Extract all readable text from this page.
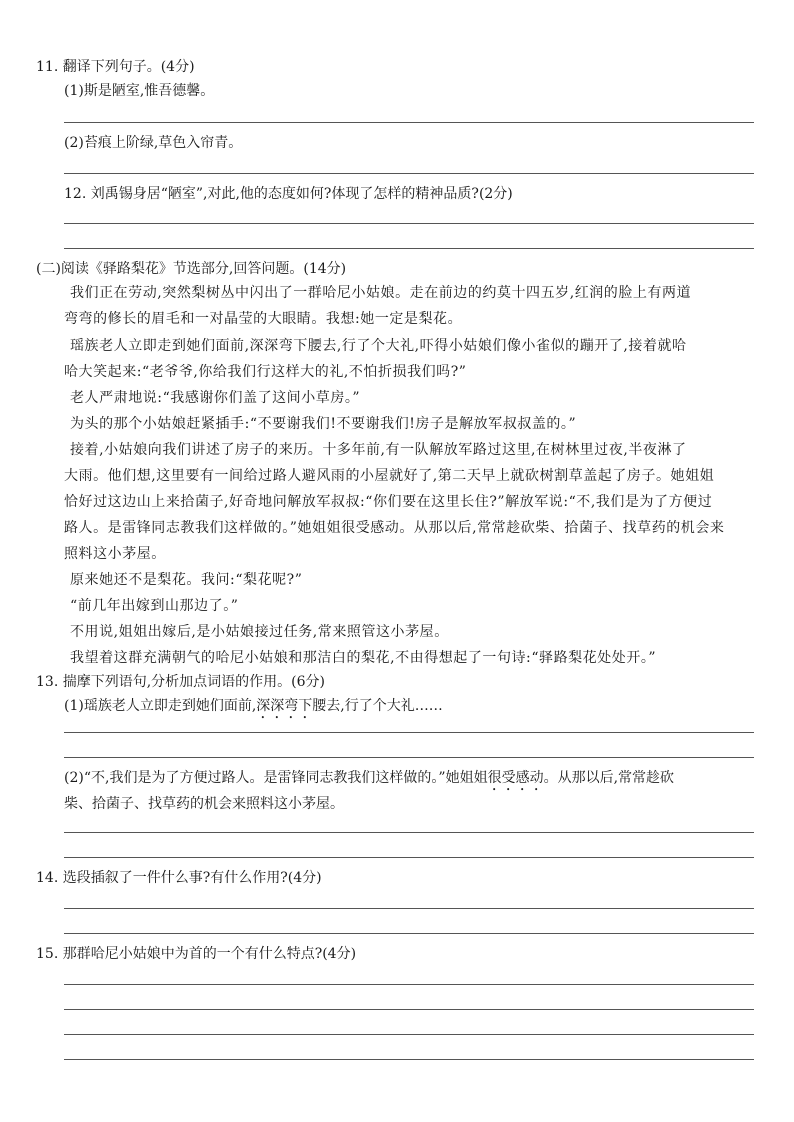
11. 翻译下列句子。(4分)
(1)斯是陋室,惟吾德馨。
(2)苔痕上阶绿,草色入帘青。
12. 刘禹锡身居“陋室”,对此,他的态度如何?体现了怎样的精神品质?(2分)
(二)阅读《驿路梨花》节选部分,回答问题。(14分)
我们正在劳动,突然梨树丛中闪出了一群哈尼小姑娘。走在前边的约莫十四五岁,红润的脸上有两道
弯弯的修长的眉毛和一对晶莹的大眼睛。我想:她一定是梨花。
瑶族老人立即走到她们面前,深深弯下腰去,行了个大礼,吓得小姑娘们像小雀似的蹦开了,接着就哈
哈大笑起来:“老爷爷,你给我们行这样大的礼,不怕折损我们吗?”
老人严肃地说:“我感谢你们盖了这间小草房。”
为头的那个小姑娘赶紧插手:“不要谢我们!不要谢我们!房子是解放军叔叔盖的。”
接着,小姑娘向我们讲述了房子的来历。十多年前,有一队解放军路过这里,在树林里过夜,半夜淋了
大雨。他们想,这里要有一间给过路人避风雨的小屋就好了,第二天早上就砍树割草盖起了房子。她姐姐
恰好过这边山上来拾菌子,好奇地问解放军叔叔:“你们要在这里长住?”解放军说:“不,我们是为了方便过
路人。是雷锋同志教我们这样做的。”她姐姐很受感动。从那以后,常常趁砍柴、拾菌子、找草药的机会来
照料这小茅屋。
原来她还不是梨花。我问:“梨花呢?”
“前几年出嫁到山那边了。”
不用说,姐姐出嫁后,是小姑娘接过任务,常来照管这小茅屋。
我望着这群充满朝气的哈尼小姑娘和那洁白的梨花,不由得想起了一句诗:“驿路梨花处处开。”
13. 揣摩下列语句,分析加点词语的作用。(6分)
(1)瑶族老人立即走到她们面前,深深弯下腰去,行了个大礼……
(2)“不,我们是为了方便过路人。是雷锋同志教我们这样做的。”她姐姐很受感动。从那以后,常常趁砍
柴、拾菌子、找草药的机会来照料这小茅屋。
14. 选段插叙了一件什么事?有什么作用?(4分)
15. 那群哈尼小姑娘中为首的一个有什么特点?(4分)
